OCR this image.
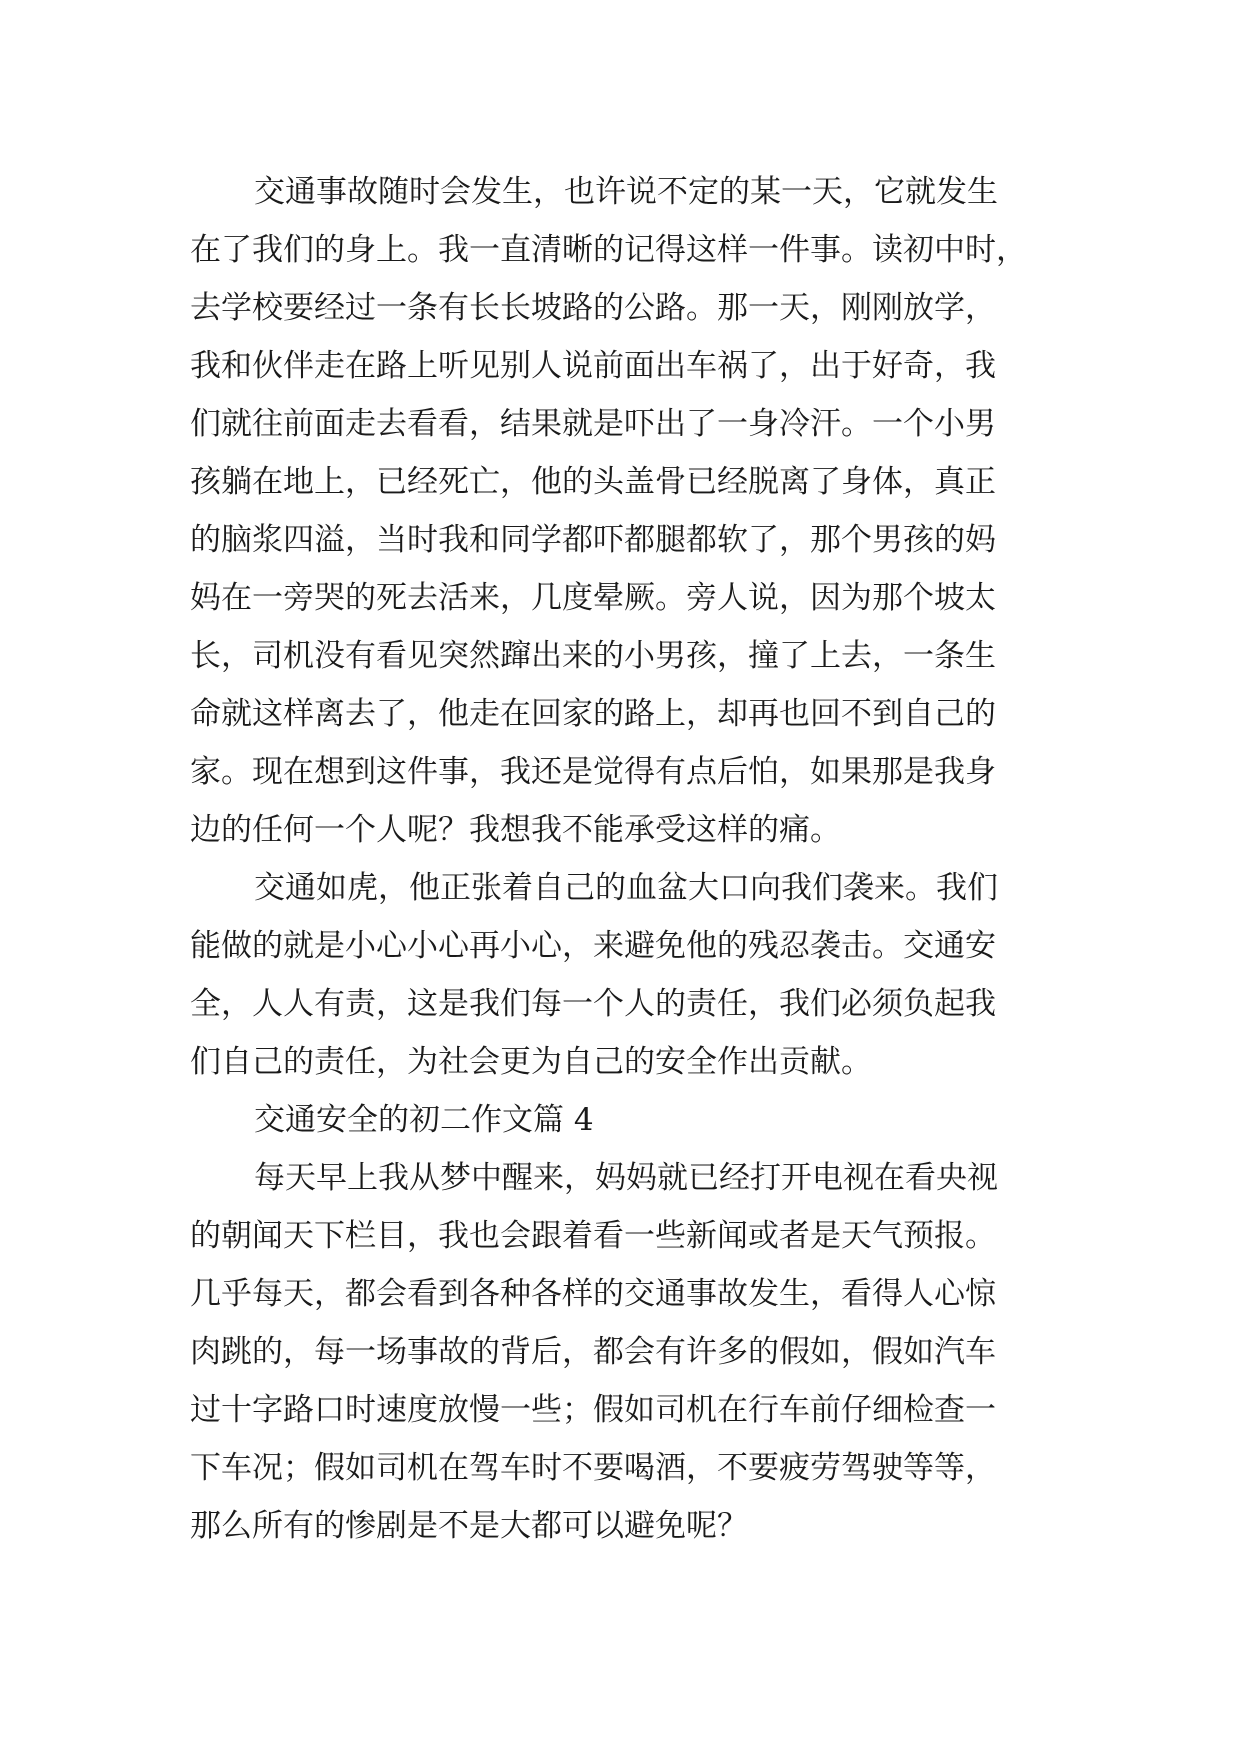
交通事故随时会发生，也许说不定的某一天，它就发生
在了我们的身上。我一直清晰的记得这样一件事。读初中时，
去学校要经过一条有长长坡路的公路。那一天，刚刚放学，
我和伙伴走在路上听见别人说前面出车祸了，出于好奇，我
们就往前面走去看看，结果就是吓出了一身冷汗。一个小男
孩躺在地上，已经死亡，他的头盖骨已经脱离了身体，真正
的脑浆四溢，当时我和同学都吓都腿都软了，那个男孩的妈
妈在一旁哭的死去活来，几度晕厥。旁人说，因为那个坡太
长，司机没有看见突然蹿出来的小男孩，撞了上去，一条生
命就这样离去了，他走在回家的路上，却再也回不到自己的
家。现在想到这件事，我还是觉得有点后怕，如果那是我身
边的任何一个人呢？我想我不能承受这样的痛。
交通如虎，他正张着自己的血盆大口向我们袭来。我们
能做的就是小心小心再小心，来避免他的残忍袭击。交通安
全，人人有责，这是我们每一个人的责任，我们必须负起我
们自己的责任，为社会更为自己的安全作出贡献。
交通安全的初二作文篇 4
每天早上我从梦中醒来，妈妈就已经打开电视在看央视
的朝闻天下栏目，我也会跟着看一些新闻或者是天气预报。
几乎每天，都会看到各种各样的交通事故发生，看得人心惊
肉跳的，每一场事故的背后，都会有许多的假如，假如汽车
过十字路口时速度放慢一些；假如司机在行车前仔细检查一
下车况；假如司机在驾车时不要喝酒，不要疲劳驾驶等等，
那么所有的惨剧是不是大都可以避免呢？
